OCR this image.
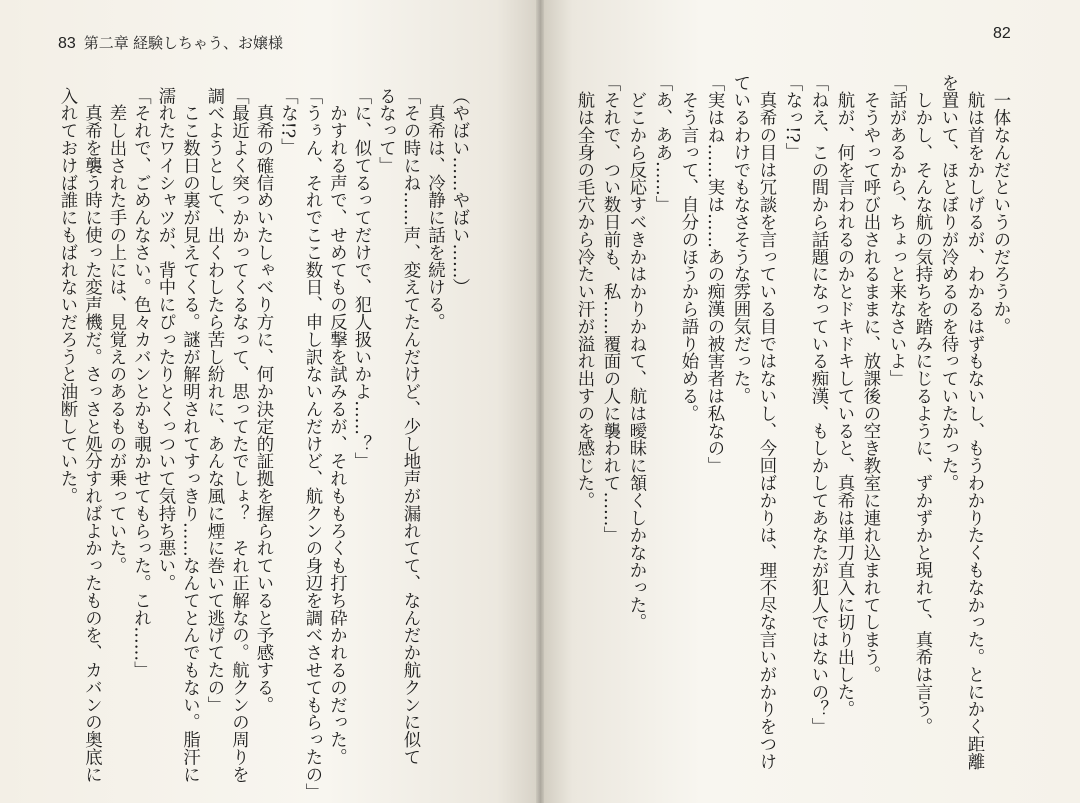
83 第二章 経験しちゃう、お嬢様
82
　一体なんだというのだろうか。
　航は首をかしげるが、わかるはずもないし、もうわかりたくもなかった。とにかく距離
を置いて、ほとぼりが冷めるのを待っていたかった。
　しかし、そんな航の気持ちを踏みにじるように、ずかずかと現れて、真希は言う。
「話があるから、ちょっと来なさいよ」
　そうやって呼び出されるままに、放課後の空き教室に連れ込まれてしまう。
　航が、何を言われるのかとドキドキしていると、真希は単刀直入に切り出した。
「ねえ、この間から話題になっている痴漢、もしかしてあなたが犯人ではないの？」
「なっ!?」
　真希の目は冗談を言っている目ではないし、今回ばかりは、理不尽な言いがかりをつけ
ているわけでもなさそうな雰囲気だった。
「実はね……実は……あの痴漢の被害者は私なの」
　そう言って、自分のほうから語り始める。
「あ、ああ……」
　どこから反応すべきかはかりかねて、航は曖昧に頷くしかなかった。
「それで、つい数日前も、私……覆面の人に襲われて……」
　航は全身の毛穴から冷たい汗が溢れ出すのを感じた。
（やばい……やばい……）
　真希は、冷静に話を続ける。
「その時にね……声、変えてたんだけど、少し地声が漏れてて、なんだか航クンに似て
るなって」
「に、似てるってだけで、犯人扱いかよ……？」
　かすれる声で、せめてもの反撃を試みるが、それももろくも打ち砕かれるのだった。
「うぅん、それでここ数日、申し訳ないんだけど、航クンの身辺を調べさせてもらったの」
「な!?」
　真希の確信めいたしゃべり方に、何か決定的証拠を握られていると予感する。
「最近よく突っかかってくるなって、思ってたでしょ？　それ正解なの。航クンの周りを
調べようとして、出くわしたら苦し紛れに、あんな風に煙に巻いて逃げてたの」
　ここ数日の裏が見えてくる。謎が解明されてすっきり……なんてとんでもない。脂汗に
濡れたワイシャツが、背中にぴったりとくっついて気持ち悪い。
「それで、ごめんなさい。色々カバンとかも覗かせてもらった。これ……」
　差し出された手の上には、見覚えのあるものが乗っていた。
　真希を襲う時に使った変声機だ。さっさと処分すればよかったものを、カバンの奥底に
入れておけば誰にもばれないだろうと油断していた。
